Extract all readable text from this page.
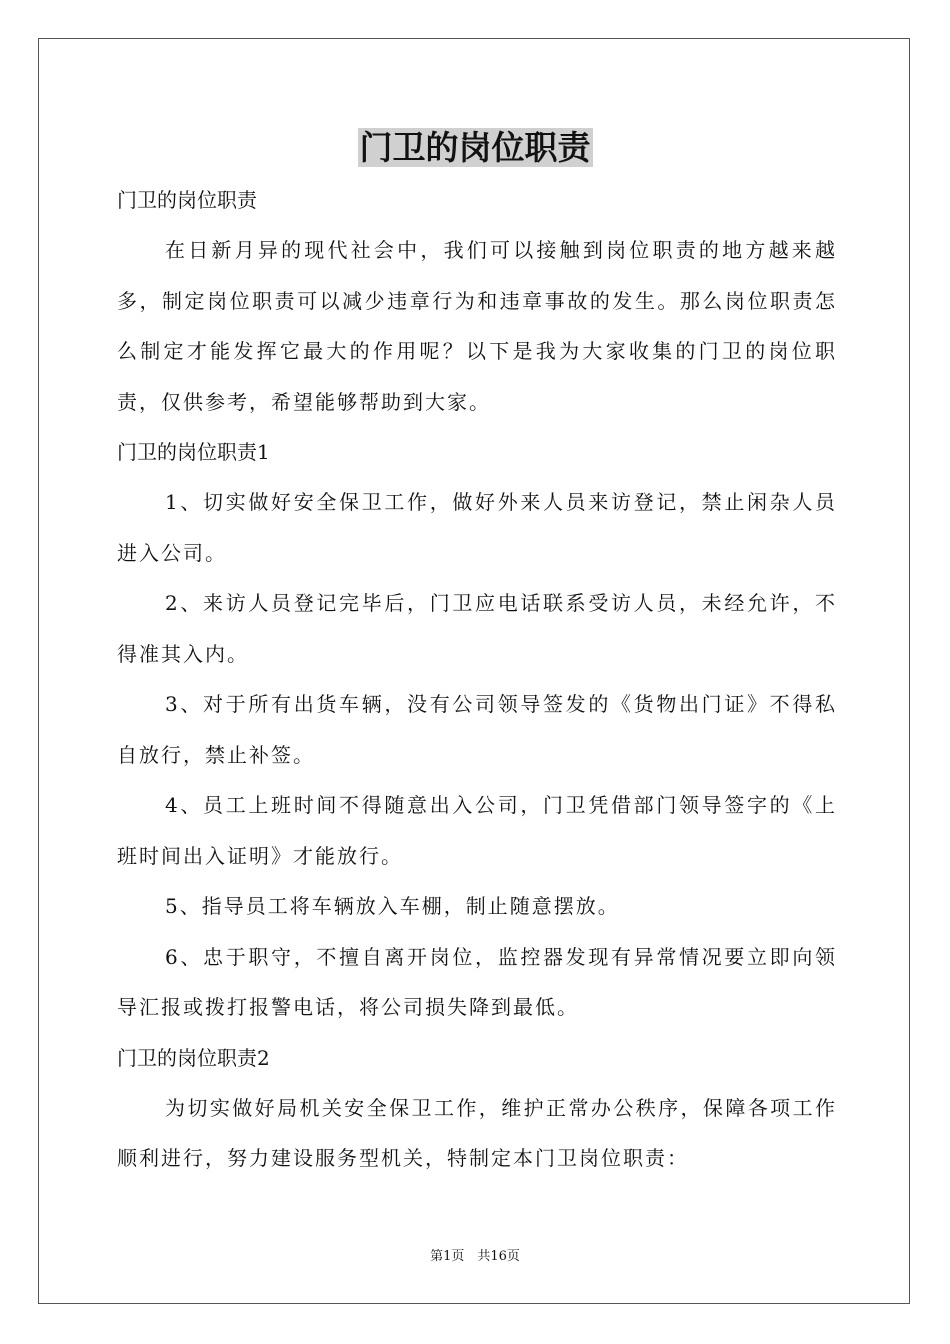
门卫的岗位职责
门卫的岗位职责

在日新月异的现代社会中，我们可以接触到岗位职责的地方越来越多，制定岗位职责可以减少违章行为和违章事故的发生。那么岗位职责怎么制定才能发挥它最大的作用呢？以下是我为大家收集的门卫的岗位职责，仅供参考，希望能够帮助到大家。

门卫的岗位职责1

1、切实做好安全保卫工作，做好外来人员来访登记，禁止闲杂人员进入公司。

2、来访人员登记完毕后，门卫应电话联系受访人员，未经允许，不得准其入内。

3、对于所有出货车辆，没有公司领导签发的《货物出门证》不得私自放行，禁止补签。

4、员工上班时间不得随意出入公司，门卫凭借部门领导签字的《上班时间出入证明》才能放行。

5、指导员工将车辆放入车棚，制止随意摆放。

6、忠于职守，不擅自离开岗位，监控器发现有异常情况要立即向领导汇报或拨打报警电话，将公司损失降到最低。

门卫的岗位职责2

为切实做好局机关安全保卫工作，维护正常办公秩序，保障各项工作顺利进行，努力建设服务型机关，特制定本门卫岗位职责：

第1页　共16页
